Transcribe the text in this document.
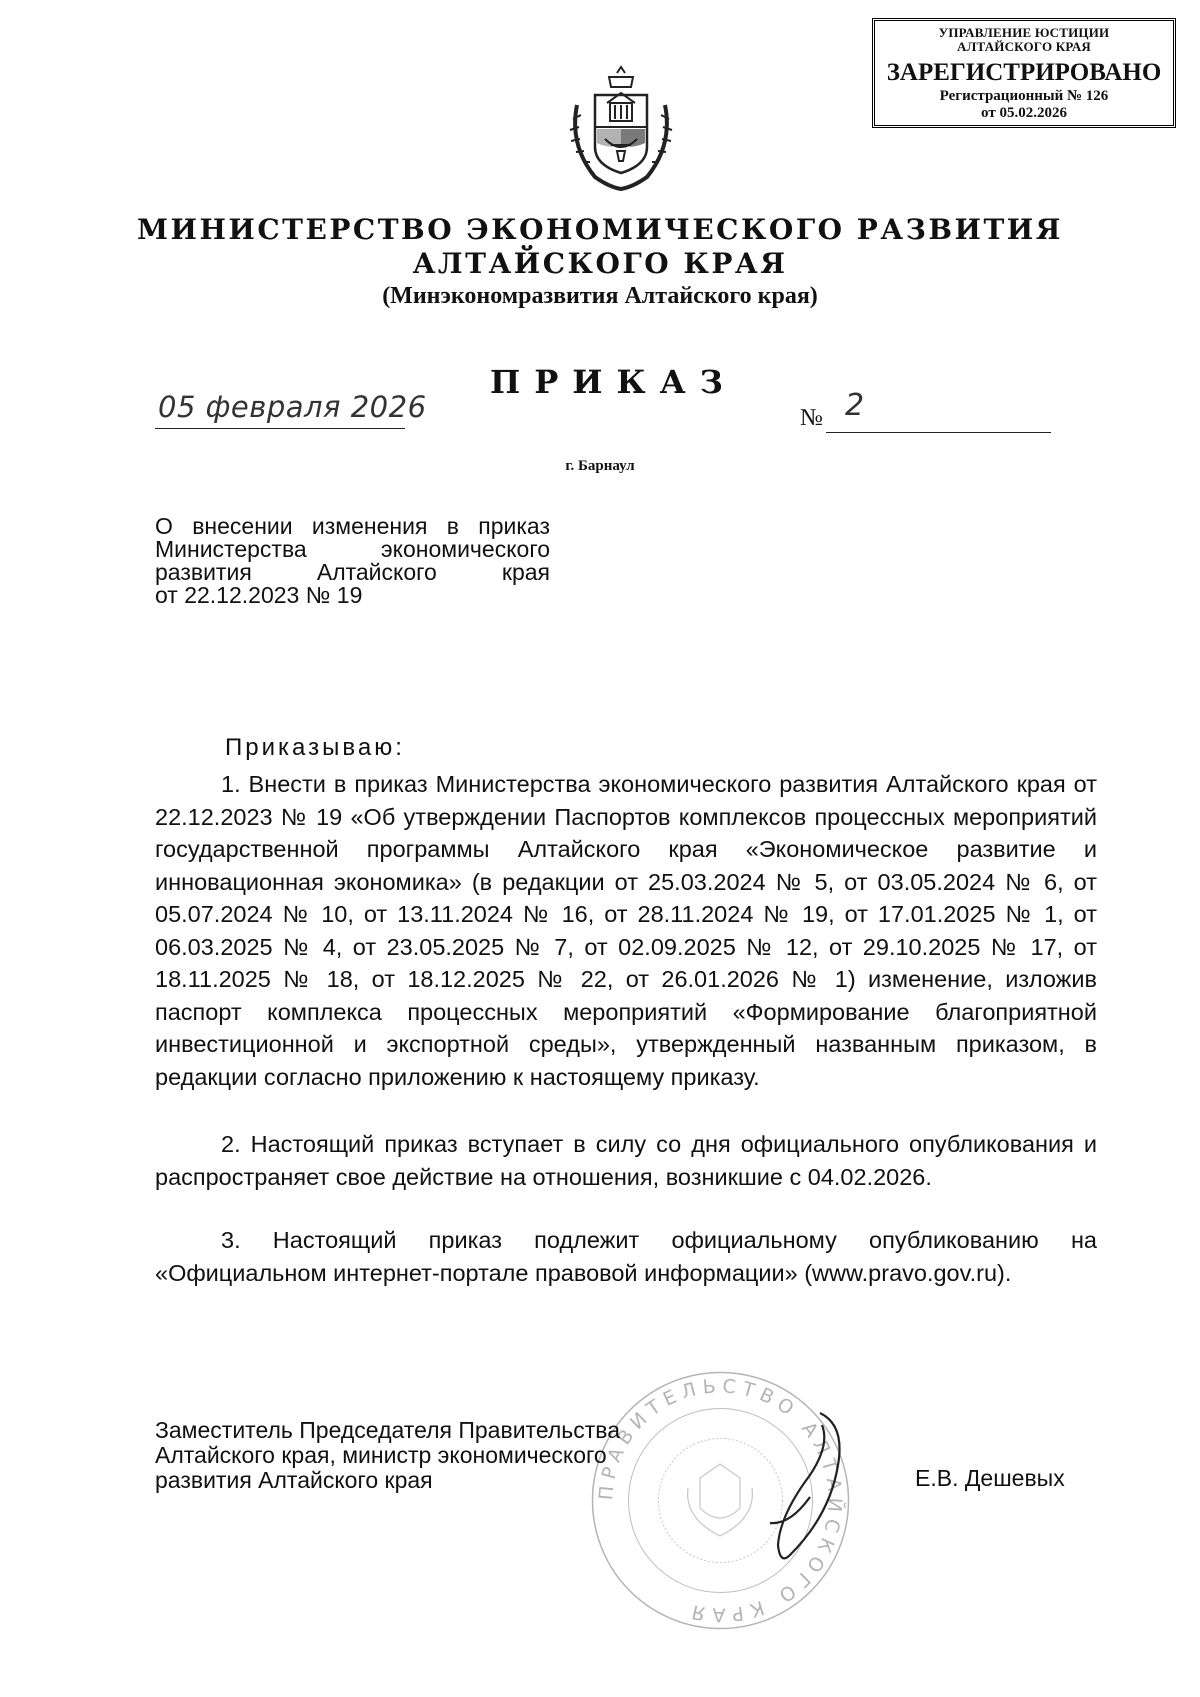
УПРАВЛЕНИЕ ЮСТИЦИИ
АЛТАЙСКОГО КРАЯ
ЗАРЕГИСТРИРОВАНО
Регистрационный № 126
от 05.02.2026
МИНИСТЕРСТВО ЭКОНОМИЧЕСКОГО РАЗВИТИЯ
АЛТАЙСКОГО КРАЯ
(Минэкономразвития Алтайского края)
ПРИКАЗ
05 февраля 2026	№ 2
г. Барнаул
О внесении изменения в приказ
Министерства экономического
развития Алтайского края
от 22.12.2023 № 19
Приказываю:

1. Внести в приказ Министерства экономического развития Алтайского края от 22.12.2023 № 19 «Об утверждении Паспортов комплексов процессных мероприятий государственной программы Алтайского края «Экономическое развитие и инновационная экономика» (в редакции от 25.03.2024 № 5, от 03.05.2024 № 6, от 05.07.2024 № 10, от 13.11.2024 № 16, от 28.11.2024 № 19, от 17.01.2025 № 1, от 06.03.2025 № 4, от 23.05.2025 № 7, от 02.09.2025 № 12, от 29.10.2025 № 17, от 18.11.2025 № 18, от 18.12.2025 № 22, от 26.01.2026 № 1) изменение, изложив паспорт комплекса процессных мероприятий «Формирование благоприятной инвестиционной и экспортной среды», утвержденный названным приказом, в редакции согласно приложению к настоящему приказу.

2. Настоящий приказ вступает в силу со дня официального опубликования и распространяет свое действие на отношения, возникшие с 04.02.2026.

3. Настоящий приказ подлежит официальному опубликованию на «Официальном интернет-портале правовой информации» (www.pravo.gov.ru).

ПРАВИТЕЛЬСТВО АЛТАЙСКОГО КРАЯ
Заместитель Председателя Правительства
Алтайского края, министр экономического
развития Алтайского края	Е.В. Дешевых
